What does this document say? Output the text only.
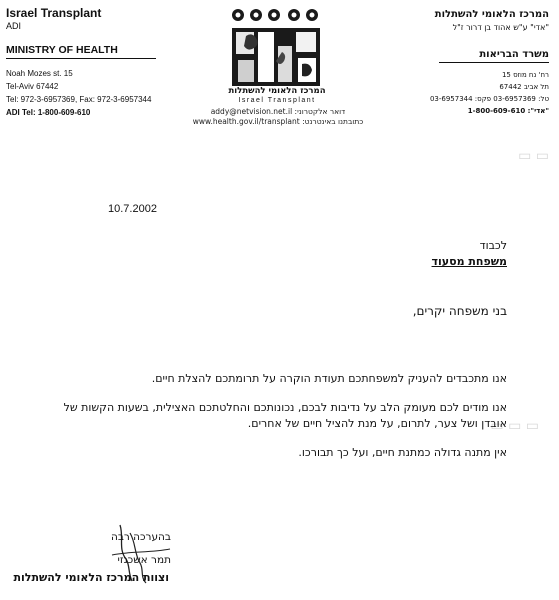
Israel Transplant
ADI
MINISTRY OF HEALTH
Noah Mozes st. 15
Tel-Aviv 67442
Tel: 972-3-6957369, Fax: 972-3-6957344
ADI Tel: 1-800-609-610
המרכז הלאומי להשתלות
Israel Transplant
דואר אלקטרוני: addy@netvision.net.il
כתובתנו באינטרנט: www.health.gov.il/transplant
המרכז הלאומי להשתלות
"אדי" ע"ש אהוד בן דרור ז"ל
משרד הבריאות
רח' נח מוזס 15
תל אביב 67442
טל: 03-6957369 פקס: 03-6957344
"אדי": 1-800-609-610
▭ ▭
▭ ▭ ▭
10.7.2002
לכבוד
משפחת מסעוד
בני משפחה יקרים,
אנו מתכבדים להעניק למשפחתכם תעודת הוקרה על תרומתכם להצלת חיים.
אנו מודים לכם מעומק הלב על נדיבות לבכם, נכונותכם והחלטתכם האצילית, בשעות הקשות של אובדן ושל צער, לתרום, על מנת להציל חיים של אחרים.
אין מתנה גדולה כמתנת חיים, ועל כך תבורכו.
בהערכה רבה
תמר אשכנזי
וצוות המרכז הלאומי להשתלות
